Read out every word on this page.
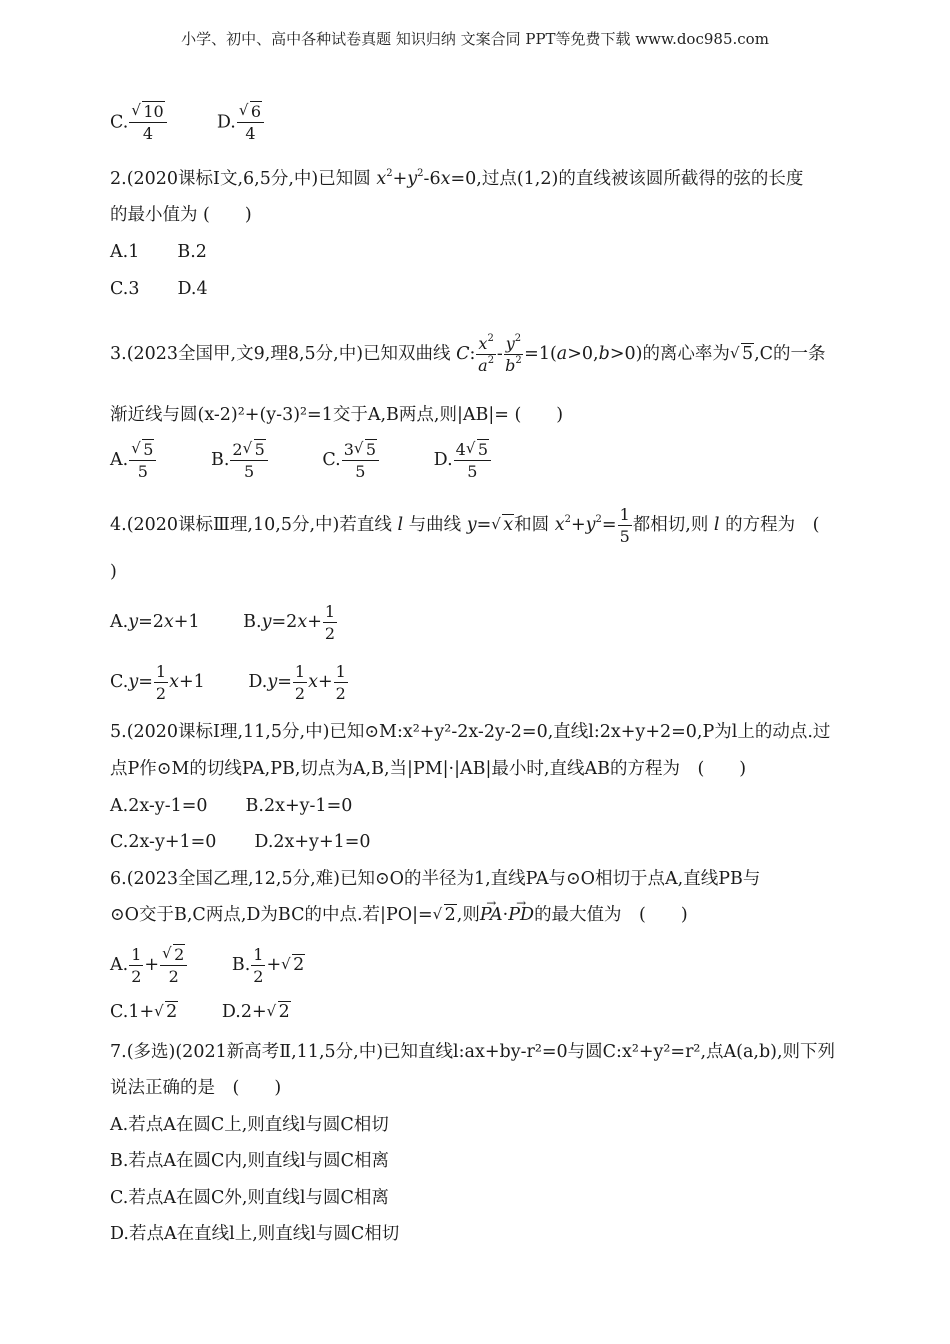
小学、初中、高中各种试卷真题 知识归纳 文案合同 PPT等免费下载 www.doc985.com
C. √ $\frac{10}{4}$	D. √ $\frac{6}{4}$
2.(2020课标Ⅰ文,6,5分,中)已知圆 $x^2+y^2-6x=0$,过点(1,2)的直线被该圆所截得的弦的长度
的最小值为 (　　)
A.1 B.2
C.3 D.4
3.(2023全国甲,文9,理8,5分,中)已知双曲线 C: $\frac{x^2}{a^2} - \frac{y^2}{b^2} =1(a>0,b>0)$的离心率为 √ 5,C的一条
渐近线与圆(x-2)²+(y-3)²=1交于A,B两点,则|AB|= (　　)
A. √ $\frac{5}{5}$	B. $\frac{2 √ 5}{5}$	C. $\frac{3 √ 5}{5}$	D. $\frac{4 √ 5}{5}$
4.(2020课标Ⅲ理,10,5分,中)若直线 l 与曲线 y= √ x和圆 $x^2+y^2= \frac{1}{5}$ 都相切,则 l 的方程为　(
)
A.y=2x+1 $B.y=2x+ \frac{1}{2}$
$C.y= \frac{1}{2} x+1$ $D.y= \frac{1}{2} x+ \frac{1}{2}$
5.(2020课标Ⅰ理,11,5分,中)已知⊙M:x²+y²-2x-2y-2=0,直线l:2x+y+2=0,P为l上的动点.过
点P作⊙M的切线PA,PB,切点为A,B,当|PM|·|AB|最小时,直线AB的方程为　(　　)
A.2x-y-1=0 B.2x+y-1=0
C.2x-y+1=0 D.2x+y+1=0
6.(2023全国乙理,12,5分,难)已知⊙O的半径为1,直线PA与⊙O相切于点A,直线PB与
⊙O交于B,C两点,D为BC的中点.若|PO|= √ 2,则→ PA·→ PD的最大值为　(　　)
A. $\frac{1}{2}$ + √ $\frac{2}{2}$	B. $\frac{1}{2}$ + √ 2
C.1+ √ 2	D.2+ √ 2
7.(多选)(2021新高考Ⅱ,11,5分,中)已知直线l:ax+by-r²=0与圆C:x²+y²=r²,点A(a,b),则下列
说法正确的是　(　　)
A.若点A在圆C上,则直线l与圆C相切
B.若点A在圆C内,则直线l与圆C相离
C.若点A在圆C外,则直线l与圆C相离
D.若点A在直线l上,则直线l与圆C相切
